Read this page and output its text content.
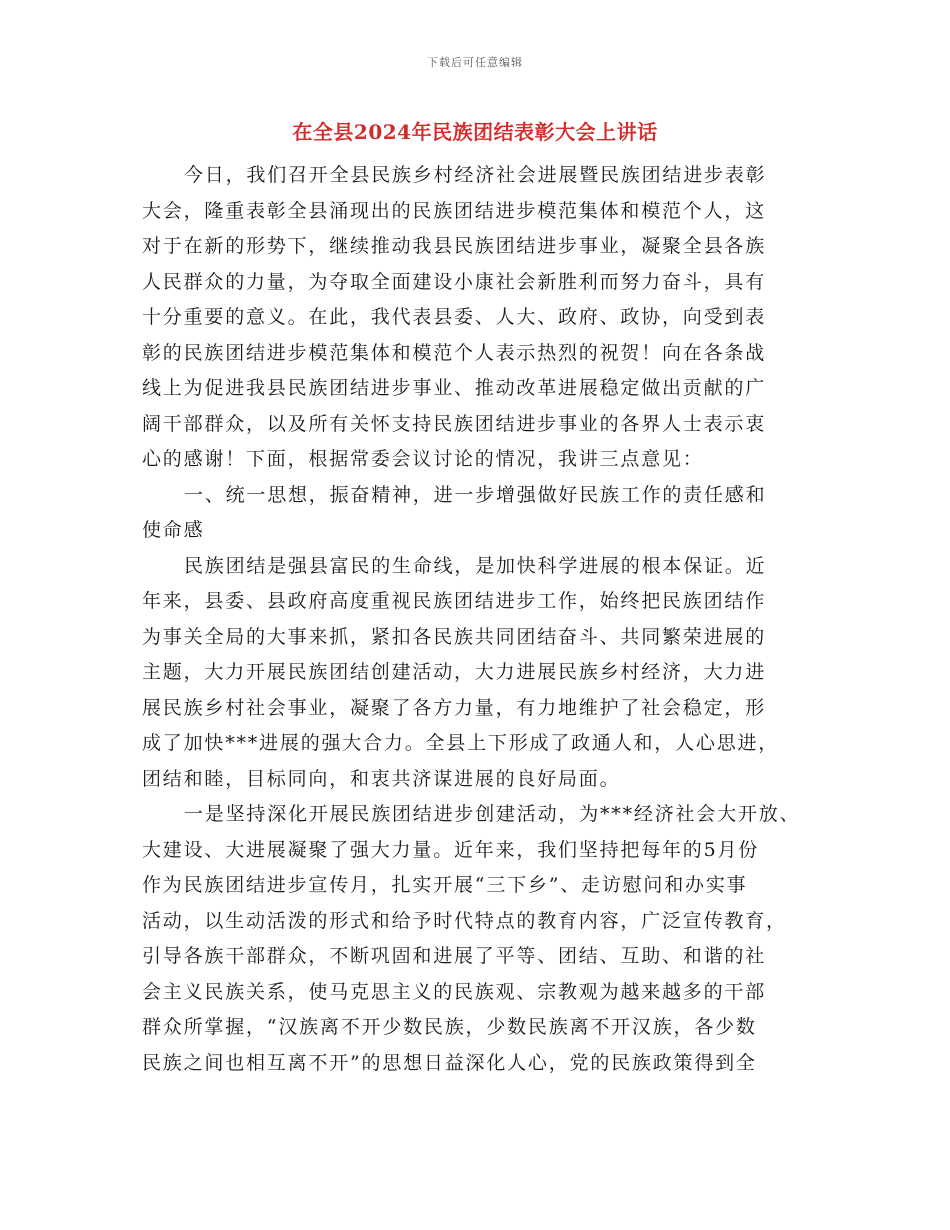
下载后可任意编辑
在全县2024年民族团结表彰大会上讲话
今日，我们召开全县民族乡村经济社会进展暨民族团结进步表彰
大会，隆重表彰全县涌现出的民族团结进步模范集体和模范个人，这
对于在新的形势下，继续推动我县民族团结进步事业，凝聚全县各族
人民群众的力量，为夺取全面建设小康社会新胜利而努力奋斗，具有
十分重要的意义。在此，我代表县委、人大、政府、政协，向受到表
彰的民族团结进步模范集体和模范个人表示热烈的祝贺！向在各条战
线上为促进我县民族团结进步事业、推动改革进展稳定做出贡献的广
阔干部群众，以及所有关怀支持民族团结进步事业的各界人士表示衷
心的感谢！下面，根据常委会议讨论的情况，我讲三点意见：
一、统一思想，振奋精神，进一步增强做好民族工作的责任感和
使命感
民族团结是强县富民的生命线，是加快科学进展的根本保证。近
年来，县委、县政府高度重视民族团结进步工作，始终把民族团结作
为事关全局的大事来抓，紧扣各民族共同团结奋斗、共同繁荣进展的
主题，大力开展民族团结创建活动，大力进展民族乡村经济，大力进
展民族乡村社会事业，凝聚了各方力量，有力地维护了社会稳定，形
成了加快***进展的强大合力。全县上下形成了政通人和，人心思进，
团结和睦，目标同向，和衷共济谋进展的良好局面。
一是坚持深化开展民族团结进步创建活动，为***经济社会大开放、
大建设、大进展凝聚了强大力量。近年来，我们坚持把每年的5月份
作为民族团结进步宣传月，扎实开展“三下乡”、走访慰问和办实事
活动，以生动活泼的形式和给予时代特点的教育内容，广泛宣传教育，
引导各族干部群众，不断巩固和进展了平等、团结、互助、和谐的社
会主义民族关系，使马克思主义的民族观、宗教观为越来越多的干部
群众所掌握，“汉族离不开少数民族，少数民族离不开汉族，各少数
民族之间也相互离不开”的思想日益深化人心，党的民族政策得到全
